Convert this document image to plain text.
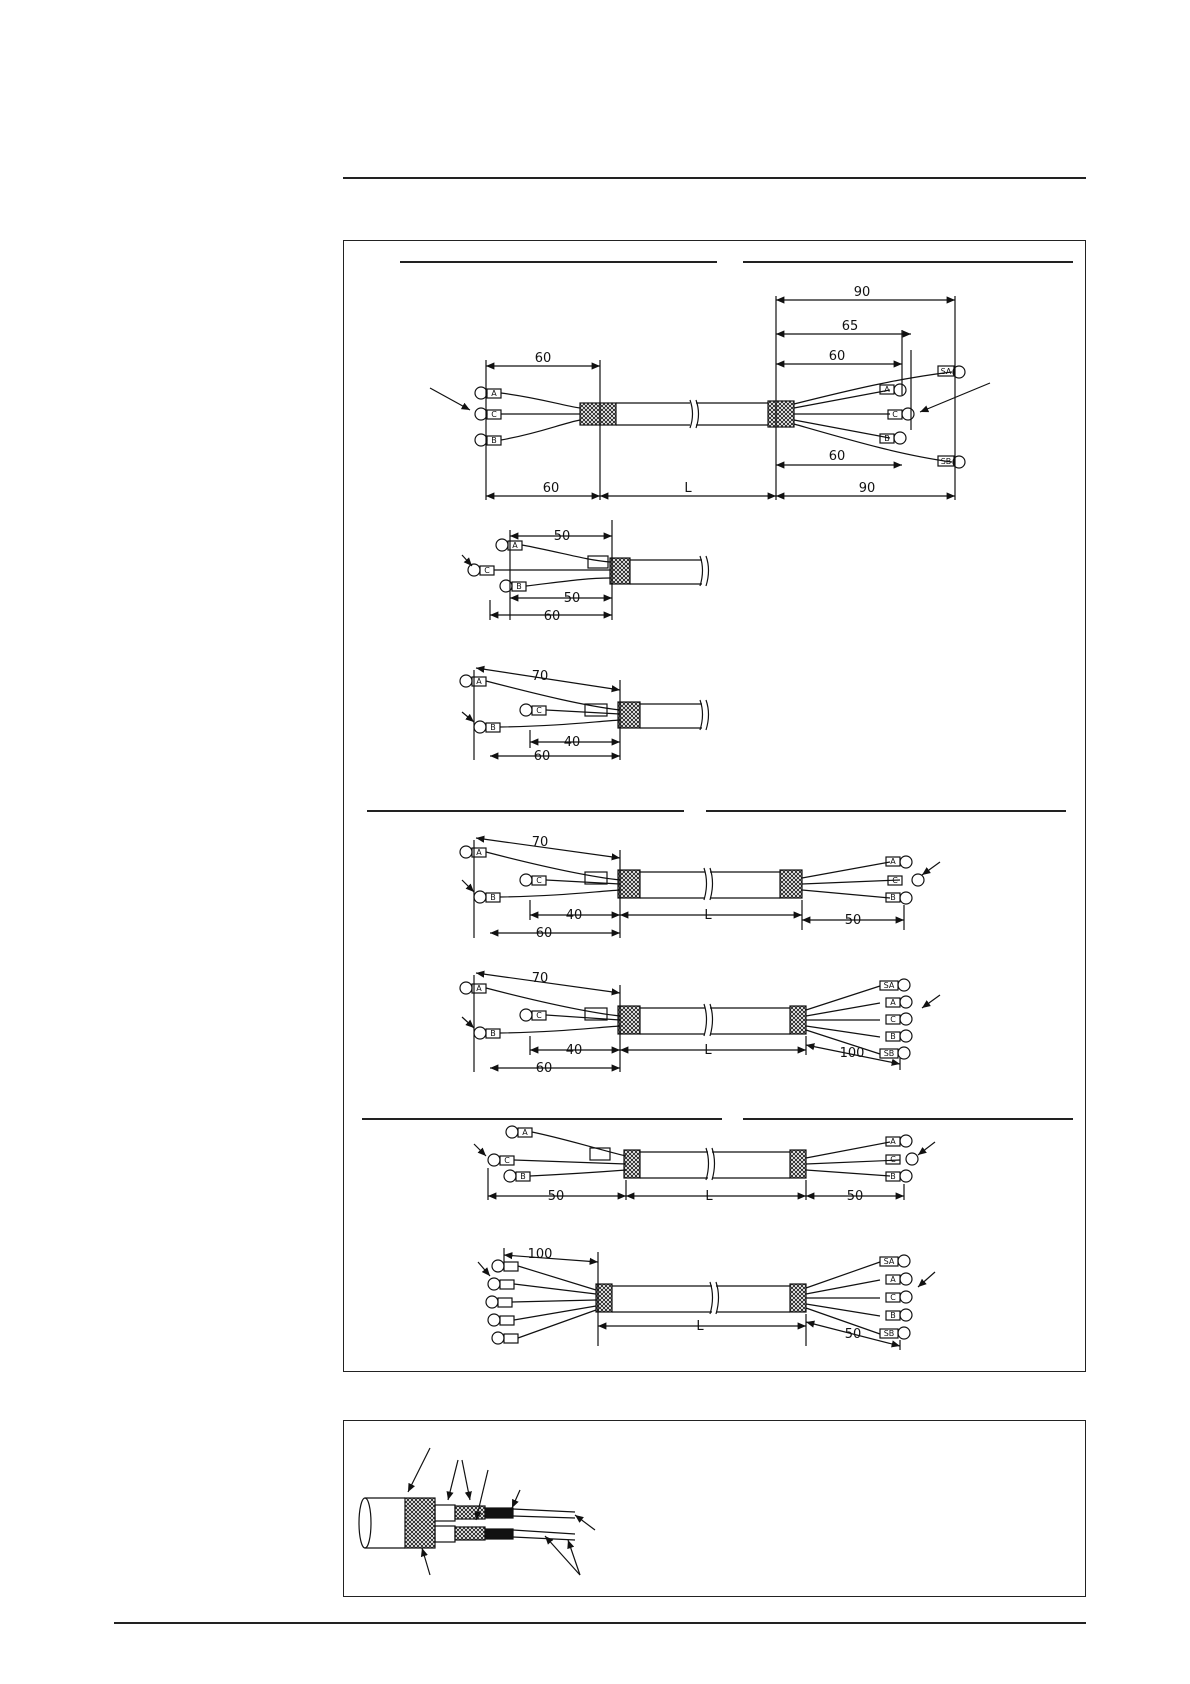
60
60	L
90
65
60
60
90
A
C
B
SA
A
C
B
SB
50
50
60
A
C
B
70
40
60
A
C
B
70
40
60
L	50
A
C
B
A
C
B
70
40
60
L	100
A
C
B
SA
A
C
B
SB
50	L	50
A
C
B
A
C
B
100
L
50
SA
A
C
B
SB
